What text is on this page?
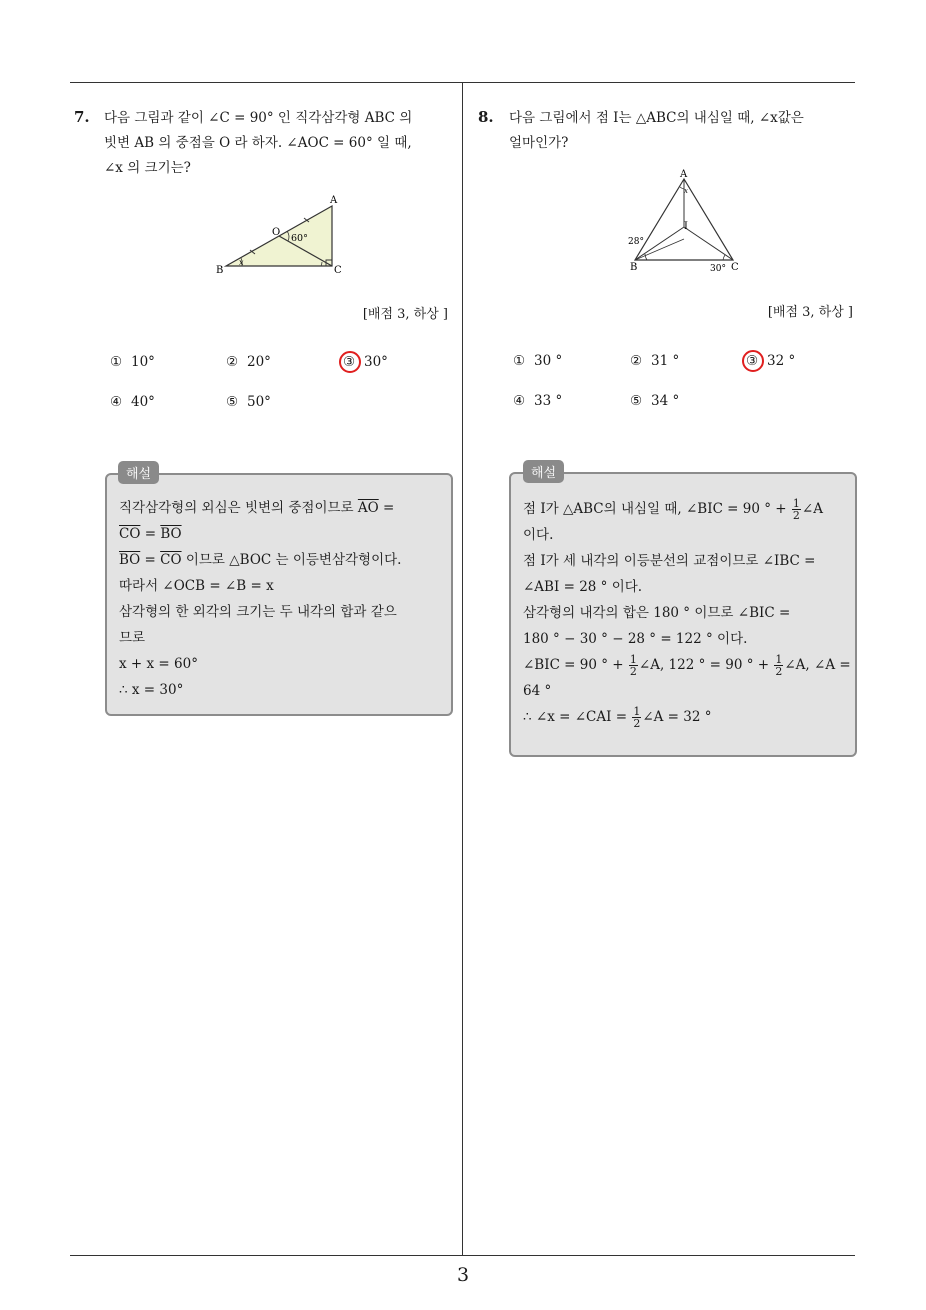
7. 다음 그림과 같이 ∠C = 90° 인 직각삼각형 ABC 의
빗변 AB 의 중점을 O 라 하자. ∠AOC = 60° 일 때,
∠x 의 크기는?
A
B	C
O
60°
x
[배점 3, 하상 ]
① 10°	② 20°	③ 30°
④ 40°	⑤ 50°
직각삼각형의 외심은 빗변의 중점이므로 $\overline{AO}$ =
$\overline{CO} = \overline{BO}$
$\overline{BO} = \overline{CO}$ 이므로 △BOC 는 이등변삼각형이다.
따라서 ∠OCB = ∠B = x
삼각형의 한 외각의 크기는 두 내각의 합과 같으
므로
x + x = 60°
∴ x = 30°
해설
8. 다음 그림에서 점 I는 △ABC의 내심일 때, ∠x값은
얼마인가?
A
B	C
I
x
28°
30°
[배점 3, 하상 ]
① 30 °	② 31 °	③ 32 °
④ 33 °	⑤ 34 °
점 I가 △ABC의 내심일 때, ∠BIC = 90 ° + $\frac{1}{2}$ ∠A
이다.
점 I가 세 내각의 이등분선의 교점이므로 ∠IBC =
∠ABI = 28 ° 이다.
삼각형의 내각의 합은 180 ° 이므로 ∠BIC =
180 ° − 30 ° − 28 ° = 122 ° 이다.
∠BIC = 90 ° + $\frac{1}{2}$ ∠A, 122 ° = 90 ° + $\frac{1}{2}$ ∠A, ∠A =
64 °
∴ ∠x = ∠CAI = $\frac{1}{2}$ ∠A = 32 °
해설
3
